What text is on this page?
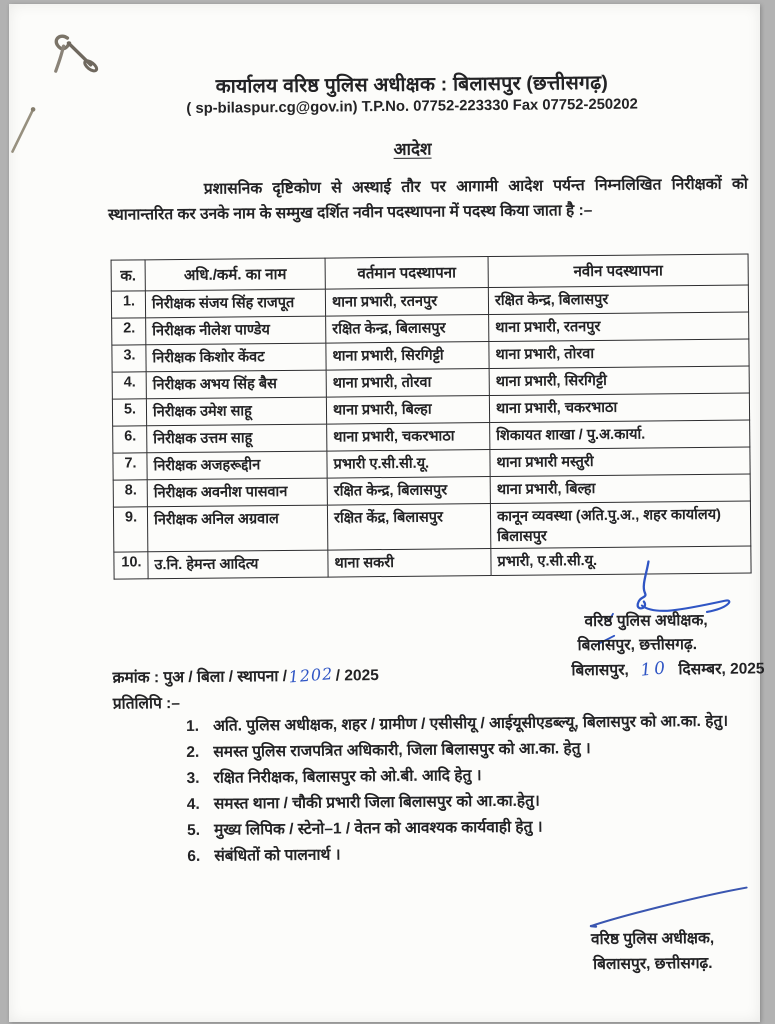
कार्यालय वरिष्ठ पुलिस अधीक्षक : बिलासपुर (छत्तीसगढ़)
( sp-bilaspur.cg@gov.in) T.P.No. 07752-223330 Fax 07752-250202
आदेश
प्रशासनिक दृष्टिकोण से अस्थाई तौर पर आगामी आदेश पर्यन्त निम्नलिखित निरीक्षकों को स्थानान्तरित कर उनके नाम के सम्मुख दर्शित नवीन पदस्थापना में पदस्थ किया जाता है :–
क.	अधि./कर्म. का नाम	वर्तमान पदस्थापना	नवीन पदस्थापना
1.	निरीक्षक संजय सिंह राजपूत	थाना प्रभारी, रतनपुर	रक्षित केन्द्र, बिलासपुर
2.	निरीक्षक नीलेश पाण्डेय	रक्षित केन्द्र, बिलासपुर	थाना प्रभारी, रतनपुर
3.	निरीक्षक किशोर केंवट	थाना प्रभारी, सिरगिट्टी	थाना प्रभारी, तोरवा
4.	निरीक्षक अभय सिंह बैस	थाना प्रभारी, तोरवा	थाना प्रभारी, सिरगिट्टी
5.	निरीक्षक उमेश साहू	थाना प्रभारी, बिल्हा	थाना प्रभारी, चकरभाठा
6.	निरीक्षक उत्तम साहू	थाना प्रभारी, चकरभाठा	शिकायत शाखा / पु.अ.कार्या.
7.	निरीक्षक अजहरूद्दीन	प्रभारी ए.सी.सी.यू.	थाना प्रभारी मस्तुरी
8.	निरीक्षक अवनीश पासवान	रक्षित केन्द्र, बिलासपुर	थाना प्रभारी, बिल्हा
9.	निरीक्षक अनिल अग्रवाल	रक्षित केंद्र, बिलासपुर	कानून व्यवस्था (अति.पु.अ., शहर कार्यालय) बिलासपुर
10.	उ.नि. हेमन्त आदित्य	थाना सकरी	प्रभारी, ए.सी.सी.यू.
वरिष्ठ पुलिस अधीक्षक,
बिलासपुर, छत्तीसगढ़.
बिलासपुर, 10 दिसम्बर, 2025
क्रमांक : पुअ / बिला / स्थापना /1202/ 2025
प्रतिलिपि :–
1. अति. पुलिस अधीक्षक, शहर / ग्रामीण / एसीसीयू / आईयूसीएडब्ल्यू, बिलासपुर को आ.का. हेतु।
2. समस्त पुलिस राजपत्रित अधिकारी, जिला बिलासपुर को आ.का. हेतु ।
3. रक्षित निरीक्षक, बिलासपुर को ओ.बी. आदि हेतु ।
4. समस्त थाना / चौकी प्रभारी जिला बिलासपुर को आ.का.हेतु।
5. मुख्य लिपिक / स्टेनो–1 / वेतन को आवश्यक कार्यवाही हेतु ।
6. संबंधितों को पालनार्थ ।
वरिष्ठ पुलिस अधीक्षक,
बिलासपुर, छत्तीसगढ़.
